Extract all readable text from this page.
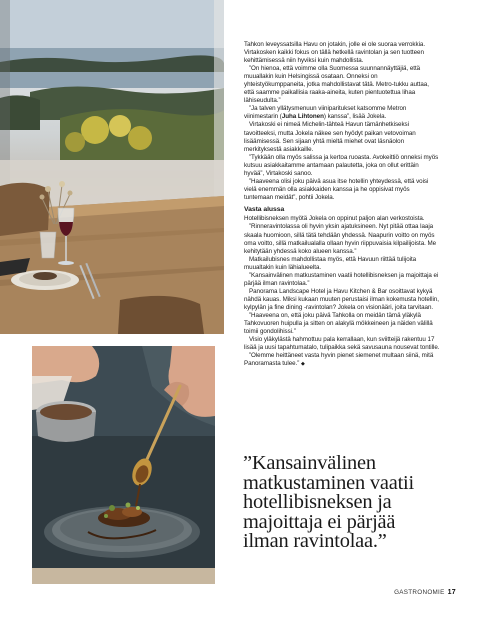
Tahkon leveyssatsilla Havu on jotakin, jolle ei ole suoraa verrokkia. Virtakosken kaikki fokus on tällä hetkellä ravintolan ja sen tuotteen kehittämisessä niin hyviksi kuin mahdollista.

”On hienoa, että voimme olla Suomessa suunnannäyttäjiä, että muuallakin kuin Helsingissä osataan. Onneksi on yhteistyökumppaneita, jotka mahdollistavat tätä. Metro-tukku auttaa, että saamme paikallisia raaka-aineita, kuten pientuotettua lihaa lähiseudulta.”

”Ja talven yllätysmenuun viiniparitukset katsomme Metron viinimestarin (Juha Lihtonen) kanssa”, lisää Jokela.

Virtakoski ei nimeä Michelin-tähteä Havun tämänhetkiseksi tavoitteeksi, mutta Jokela näkee sen hyödyt paikan vetovoiman lisäämisessä. Sen sijaan yhtä mieltä miehet ovat läsnäolon merkityksestä asiakkaille.

”Tykkään olla myös salissa ja kertoa ruoasta. Avokeittiö onneksi myös kutsuu asiakkaitamme antamaan palautetta, joka on ollut erittäin hyvää”, Virtakoski sanoo.

”Haaveena olisi joku päivä asua itse hotellin yhteydessä, että voisi vielä enemmän olla asiakkaiden kanssa ja he oppisivat myös tuntemaan meidät”, pohtii Jokela.

Vasta alussa

Hotellibisneksen myötä Jokela on oppinut paljon alan verkostoista.

”Rinneravintolassa oli hyvin yksin ajatuksineen. Nyt pitää ottaa laaja skaala huomioon, sillä tätä tehdään yhdessä. Naapurin voitto on myös oma voitto, sillä matkailualalla ollaan hyvin riippuvaisia kilpailijoista. Me kehitytään yhdessä koko alueen kanssa.”

Matkailubisnes mahdollistaa myös, että Havuun riittää tulijoita muualtakin kuin lähialueelta.

”Kansainvälinen matkustaminen vaatii hotellibisneksen ja majoittaja ei pärjää ilman ravintolaa.”

Panorama Landscape Hotel ja Havu Kitchen & Bar osoittavat kykyä nähdä kauas. Miksi kukaan muuten perustaisi ilman kokemusta hotellin, kylpylän ja fine dining -ravintolan? Jokela on visionääri, joita tarvitaan.

”Haaveena on, että joku päivä Tahkolla on meidän tämä yläkylä Tahkovuoren huipulla ja sitten on alakylä mökkeineen ja näiden välillä toimii gondolihissi.”

Visio yläkylästä hahmottuu pala kerrallaan, kun sviitteijä rakentuu 17 lisää ja uusi tapahtumatalo, tulipaikka sekä savusauna nousevat tontille.

”Olemme heittäneet vasta hyvin pienet siemenet multaan siinä, mitä Panoramasta tulee.” ◆

”Kansainvälinen
matkustaminen vaatii
hotellibisneksen ja
majoittaja ei pärjää
ilman ravintolaa.”
GASTRONOMIE 17
